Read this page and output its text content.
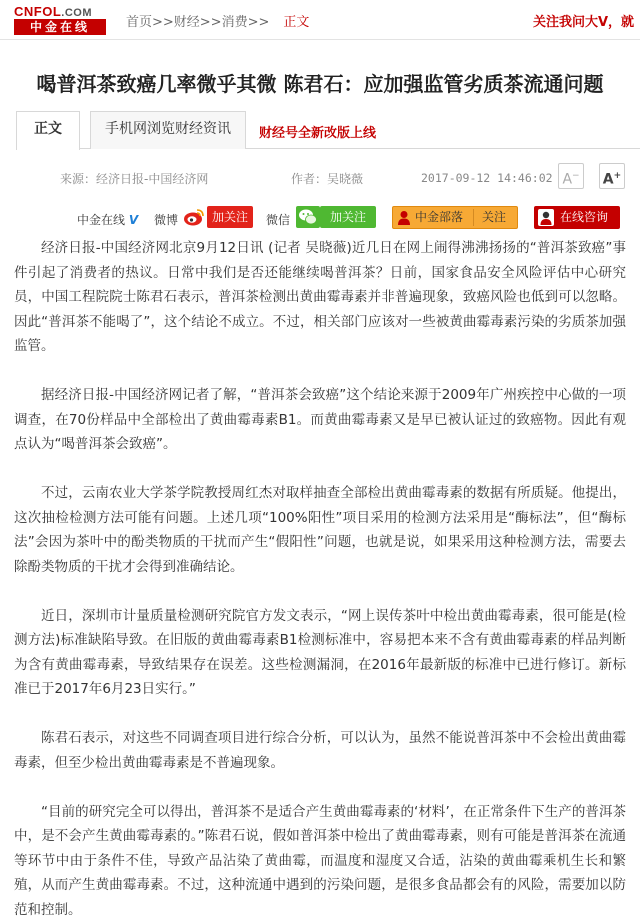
CNFOL.COM
中金在线	首页>>财经>>消费>> 正文	关注我问大V，就
喝普洱茶致癌几率微乎其微 陈君石：应加强监管劣质茶流通问题
正文	手机网浏览财经资讯	财经号全新改版上线
来源：经济日报-中国经济网	作者：吴晓薇	2017-09-12 14:46:02 A−	A+
中金在线 V 微博	加关注	微信	加关注	中金部落 关注	在线咨询

经济日报-中国经济网北京9月12日讯 (记者 吴晓薇)近几日在网上闹得沸沸扬扬的“普洱茶致癌”事件引起了消费者的热议。日常中我们是否还能继续喝普洱茶？日前，国家食品安全风险评估中心研究员，中国工程院院士陈君石表示，普洱茶检测出黄曲霉毒素并非普遍现象，致癌风险也低到可以忽略。因此“普洱茶不能喝了”，这个结论不成立。不过，相关部门应该对一些被黄曲霉毒素污染的劣质茶加强监管。

据经济日报-中国经济网记者了解，“普洱茶会致癌”这个结论来源于2009年广州疾控中心做的一项调查，在70份样品中全部检出了黄曲霉毒素B1。而黄曲霉毒素又是早已被认证过的致癌物。因此有观点认为“喝普洱茶会致癌”。

不过，云南农业大学茶学院教授周红杰对取样抽查全部检出黄曲霉毒素的数据有所质疑。他提出，这次抽检检测方法可能有问题。上述几项“100%阳性”项目采用的检测方法采用是“酶标法”，但“酶标法”会因为茶叶中的酚类物质的干扰而产生“假阳性”问题，也就是说，如果采用这种检测方法，需要去除酚类物质的干扰才会得到准确结论。

近日，深圳市计量质量检测研究院官方发文表示，“网上误传茶叶中检出黄曲霉毒素，很可能是(检测方法)标准缺陷导致。在旧版的黄曲霉毒素B1检测标准中，容易把本来不含有黄曲霉毒素的样品判断为含有黄曲霉毒素，导致结果存在误差。这些检测漏洞，在2016年最新版的标准中已进行修订。新标准已于2017年6月23日实行。”

陈君石表示，对这些不同调查项目进行综合分析，可以认为，虽然不能说普洱茶中不会检出黄曲霉毒素，但至少检出黄曲霉毒素是不普遍现象。

“目前的研究完全可以得出，普洱茶不是适合产生黄曲霉毒素的‘材料’，在正常条件下生产的普洱茶中，是不会产生黄曲霉毒素的。”陈君石说，假如普洱茶中检出了黄曲霉毒素，则有可能是普洱茶在流通等环节中由于条件不佳，导致产品沾染了黄曲霉，而温度和湿度又合适，沾染的黄曲霉乘机生长和繁殖，从而产生黄曲霉毒素。不过，这种流通中遇到的污染问题，是很多食品都会有的风险，需要加以防范和控制。
